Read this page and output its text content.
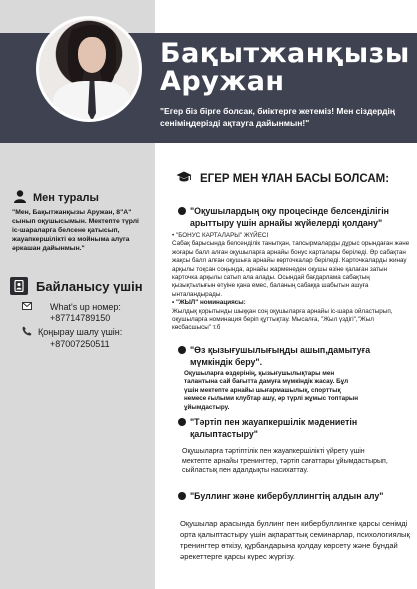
Бақытжанқызы
Аружан
"Егер біз бірге болсак, биіктерге жетеміз! Мен сіздердің сеніміңдерізді ақтауга дайынмын!"
Мен туралы
"Мен, Бақытжанқызы Аружан, 8"А" сынып оқушысымын. Мектепте түрлі іс-шараларга белсене қатысып, жауапкершілікті өз мойныма алуга әркашан дайынмын."
Байланысу үшін
What's up номер:
+87714789150
Қоңырау шалу үшін:
+87007250511
ЕГЕР МЕН ҰЛАН БАСЫ БОЛСАМ:
"Оқушылардың оқу процесінде белсенділігін арыттыру үшін арнайы жүйелерді қолдану"
• "БОНУС КАРТАЛАРЫ" ЖҮЙЕСІ
Сабақ барысында белсенділік танытқан, тапсырмаларды дұрыс орындаған және жоғары балл алған оқушыларға арнайы бонус карталары беріледі. Әр сабақтан жақсы балл алған оқушыға арнайы көрточкалар беріледі. Карточкаларды жинау арқылы тоқсан соңында, арнайы жарменеден оқушы өзіне қалаған затын карточка арқылы сатып алa алады. Осындай бағдарлама сабақтың қызықтылығын өтуіне қана емес, баланың сабаққа шабытын ашуға ынталандырады.
• "ЖЫЛ" номинациясы:
Жылдық қорытынды шыққан соң оқушыларға арнайы іс-шара ойластырып, оқушыларға номинация беріп құттықтау. Мысалға, "Жыл үздігі","Жыл көсбасшысы" т.б
"Өз қызығушылығыңды ашып,дамытуға мүмкіндік беру".
Оқушыларға өздерінің, қызығушылықтары мен талантына сай бағытта дамуға мүмкіндік жасау. Бұл үшін мектепте арнайы шығармашылық, спорттық немесе ғылыми клубтар ашу, әр түрлі жұмыс топтарын ұйымдастыру.
"Тәртіп пен жауапкершілік мәдениетін қалыптастыру"
Оқушыларға тәртіптілік пен жауапкершілікті үйрету үшін мектепте арнайы тренингтер, тәртіп сағаттары ұйымдастырып, сыйластық пен адалдықты насихаттау.
"Буллинг және кибербуллингтің алдын алу"
Оқушылар арасында буллинг пен кибербуллингке қарсы сенімді орта қалыптастыру үшін ақпараттық семинарлар, психологиялық тренингтер өткізу, құрбандарына қолдау көрсету және бұндай әрекеттерге қарсы күрес жүргізу.
